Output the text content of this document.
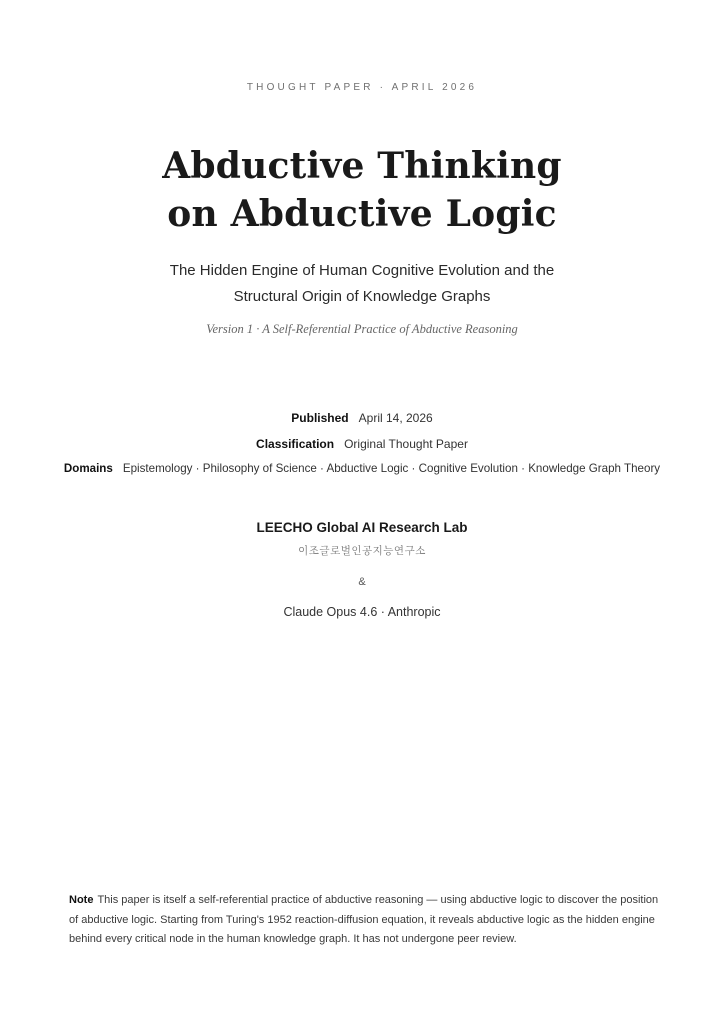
THOUGHT PAPER · APRIL 2026
Abductive Thinking
on Abductive Logic
The Hidden Engine of Human Cognitive Evolution and the
Structural Origin of Knowledge Graphs
Version 1 · A Self-Referential Practice of Abductive Reasoning
Published April 14, 2026
Classification Original Thought Paper
Domains Epistemology · Philosophy of Science · Abductive Logic · Cognitive Evolution · Knowledge Graph Theory
LEECHO Global AI Research Lab
이조글로벌인공지능연구소
&
Claude Opus 4.6 · Anthropic
Note This paper is itself a self-referential practice of abductive reasoning — using abductive logic to discover the position of abductive logic. Starting from Turing's 1952 reaction-diffusion equation, it reveals abductive logic as the hidden engine behind every critical node in the human knowledge graph. It has not undergone peer review.
